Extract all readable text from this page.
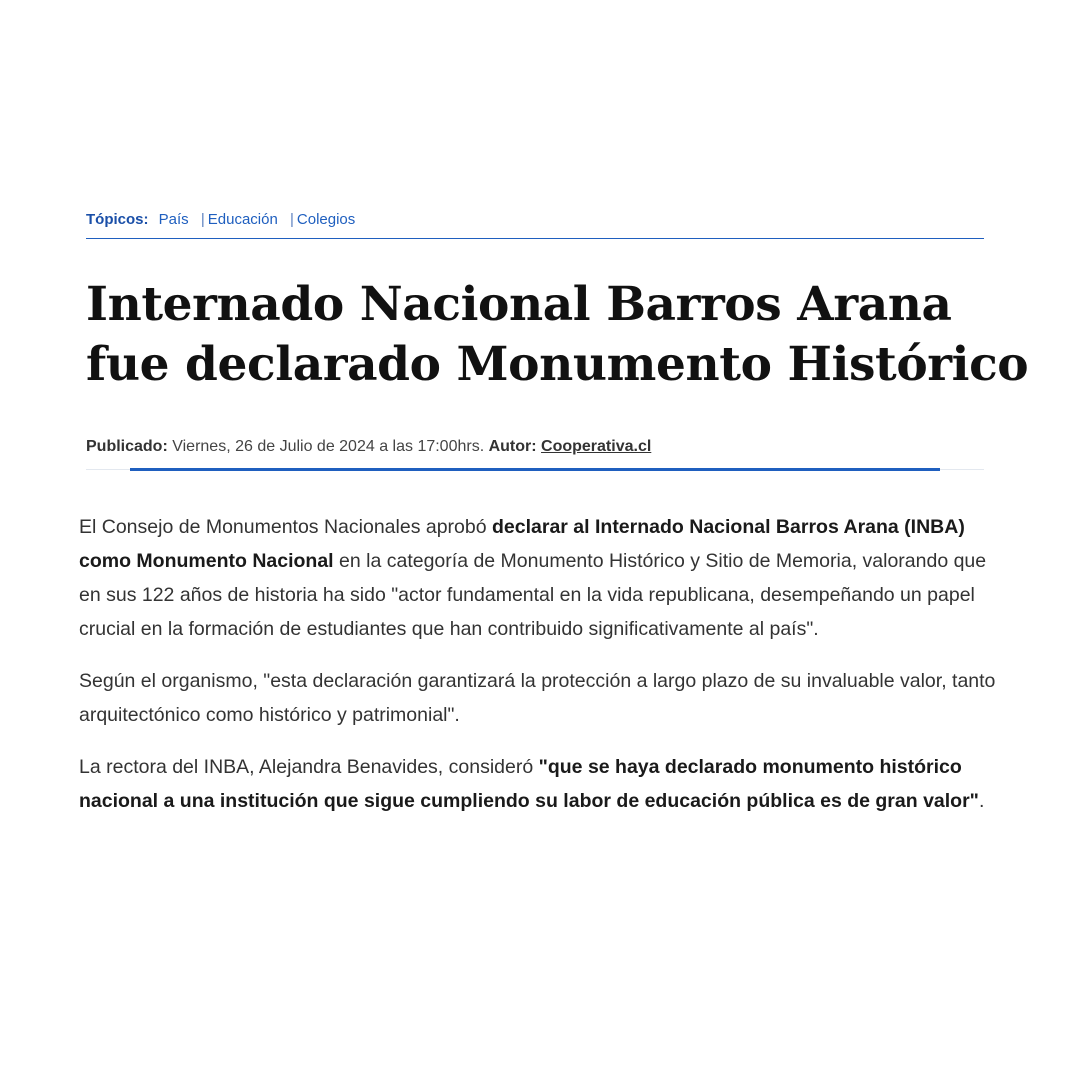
Tópicos: País | Educación | Colegios
Internado Nacional Barros Arana
fue declarado Monumento Histórico
Publicado: Viernes, 26 de Julio de 2024 a las 17:00hrs. Autor: Cooperativa.cl

El Consejo de Monumentos Nacionales aprobó declarar al Internado Nacional Barros Arana (INBA) como Monumento Nacional en la categoría de Monumento Histórico y Sitio de Memoria, valorando que en sus 122 años de historia ha sido "actor fundamental en la vida republicana, desempeñando un papel crucial en la formación de estudiantes que han contribuido significativamente al país".

Según el organismo, "esta declaración garantizará la protección a largo plazo de su invaluable valor, tanto arquitectónico como histórico y patrimonial".

La rectora del INBA, Alejandra Benavides, consideró "que se haya declarado monumento histórico nacional a una institución que sigue cumpliendo su labor de educación pública es de gran valor".
